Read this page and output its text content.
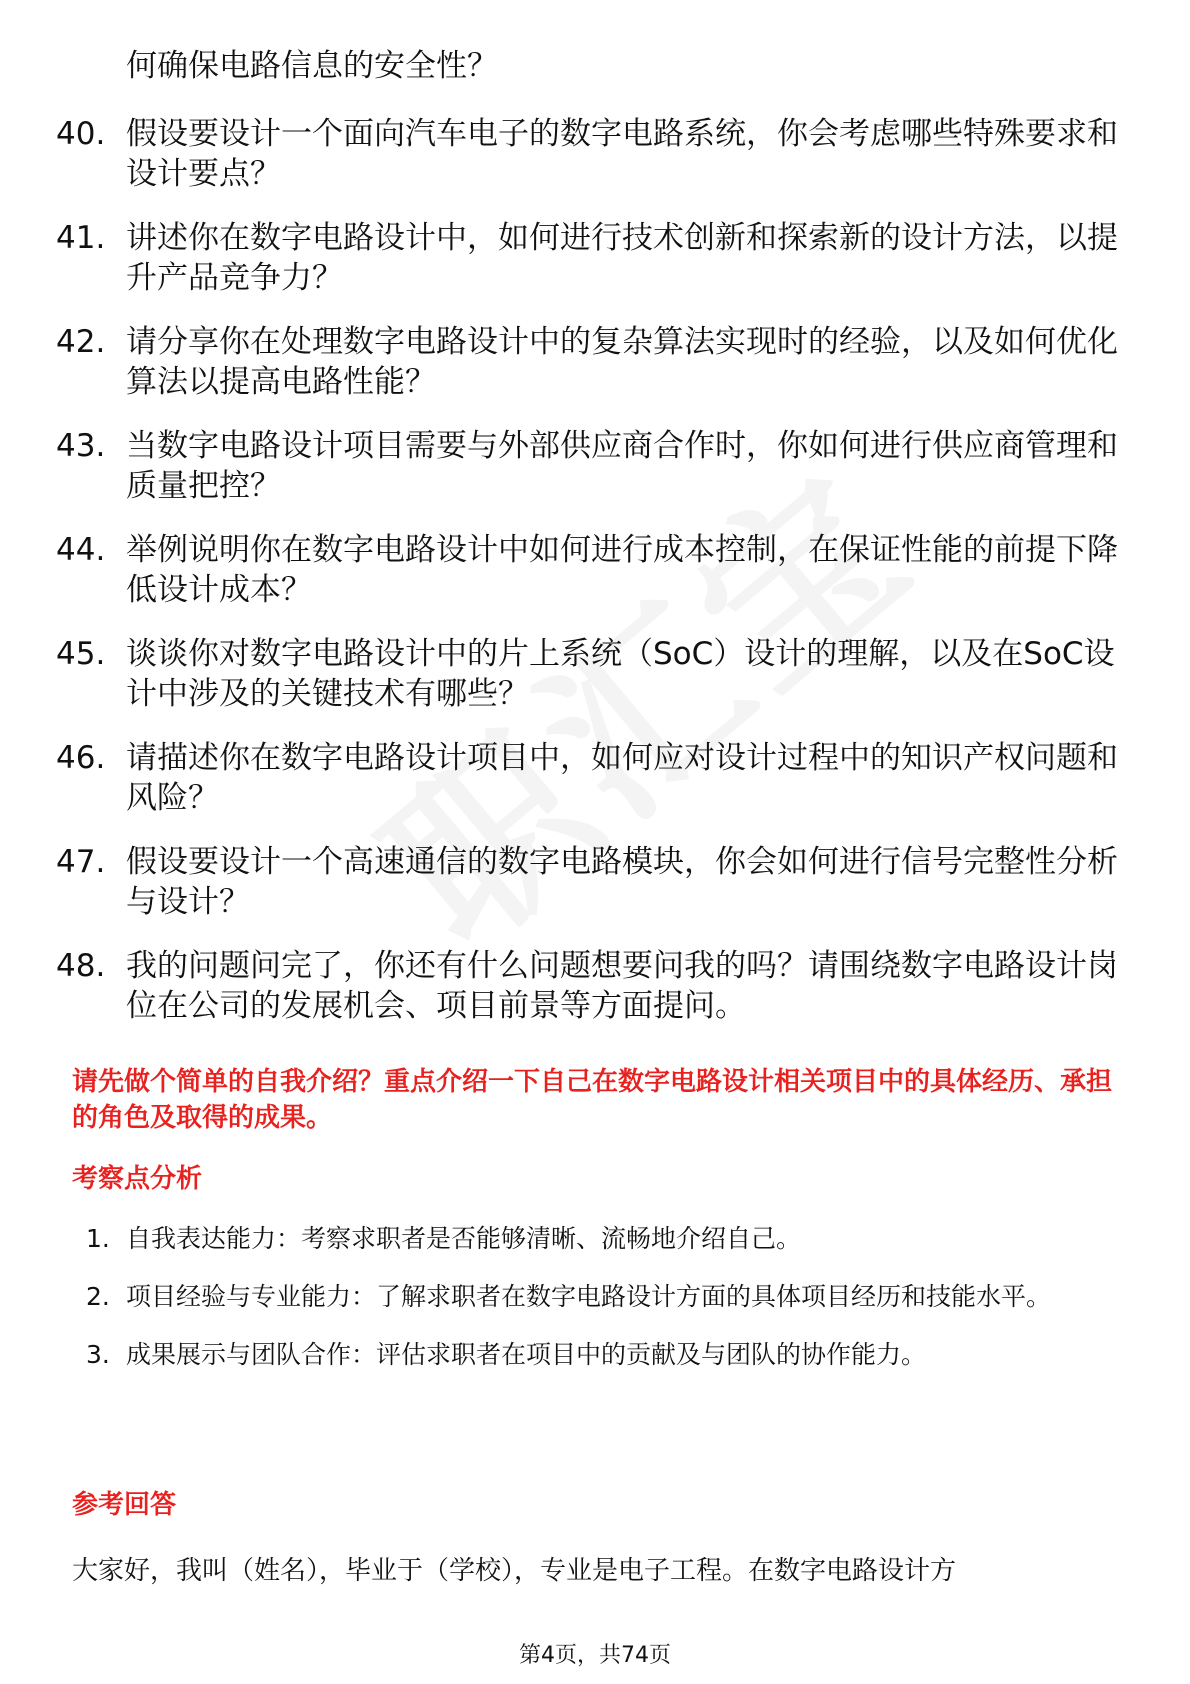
何确保电路信息的安全性？
40. 假设要设计一个面向汽车电子的数字电路系统，你会考虑哪些特殊要求和设计要点？
41. 讲述你在数字电路设计中，如何进行技术创新和探索新的设计方法，以提升产品竞争力？
42. 请分享你在处理数字电路设计中的复杂算法实现时的经验，以及如何优化算法以提高电路性能？
43. 当数字电路设计项目需要与外部供应商合作时，你如何进行供应商管理和质量把控？
44. 举例说明你在数字电路设计中如何进行成本控制，在保证性能的前提下降低设计成本？
45. 谈谈你对数字电路设计中的片上系统（SoC）设计的理解，以及在SoC设计中涉及的关键技术有哪些？
46. 请描述你在数字电路设计项目中，如何应对设计过程中的知识产权问题和风险？
47. 假设要设计一个高速通信的数字电路模块，你会如何进行信号完整性分析与设计？
48. 我的问题问完了，你还有什么问题想要问我的吗？请围绕数字电路设计岗位在公司的发展机会、项目前景等方面提问。
请先做个简单的自我介绍？重点介绍一下自己在数字电路设计相关项目中的具体经历、承担的角色及取得的成果。
考察点分析
1. 自我表达能力：考察求职者是否能够清晰、流畅地介绍自己。
2. 项目经验与专业能力：了解求职者在数字电路设计方面的具体项目经历和技能水平。
3. 成果展示与团队合作：评估求职者在项目中的贡献及与团队的协作能力。
参考回答
大家好，我叫（姓名），毕业于（学校），专业是电子工程。在数字电路设计方
第4页，共74页
